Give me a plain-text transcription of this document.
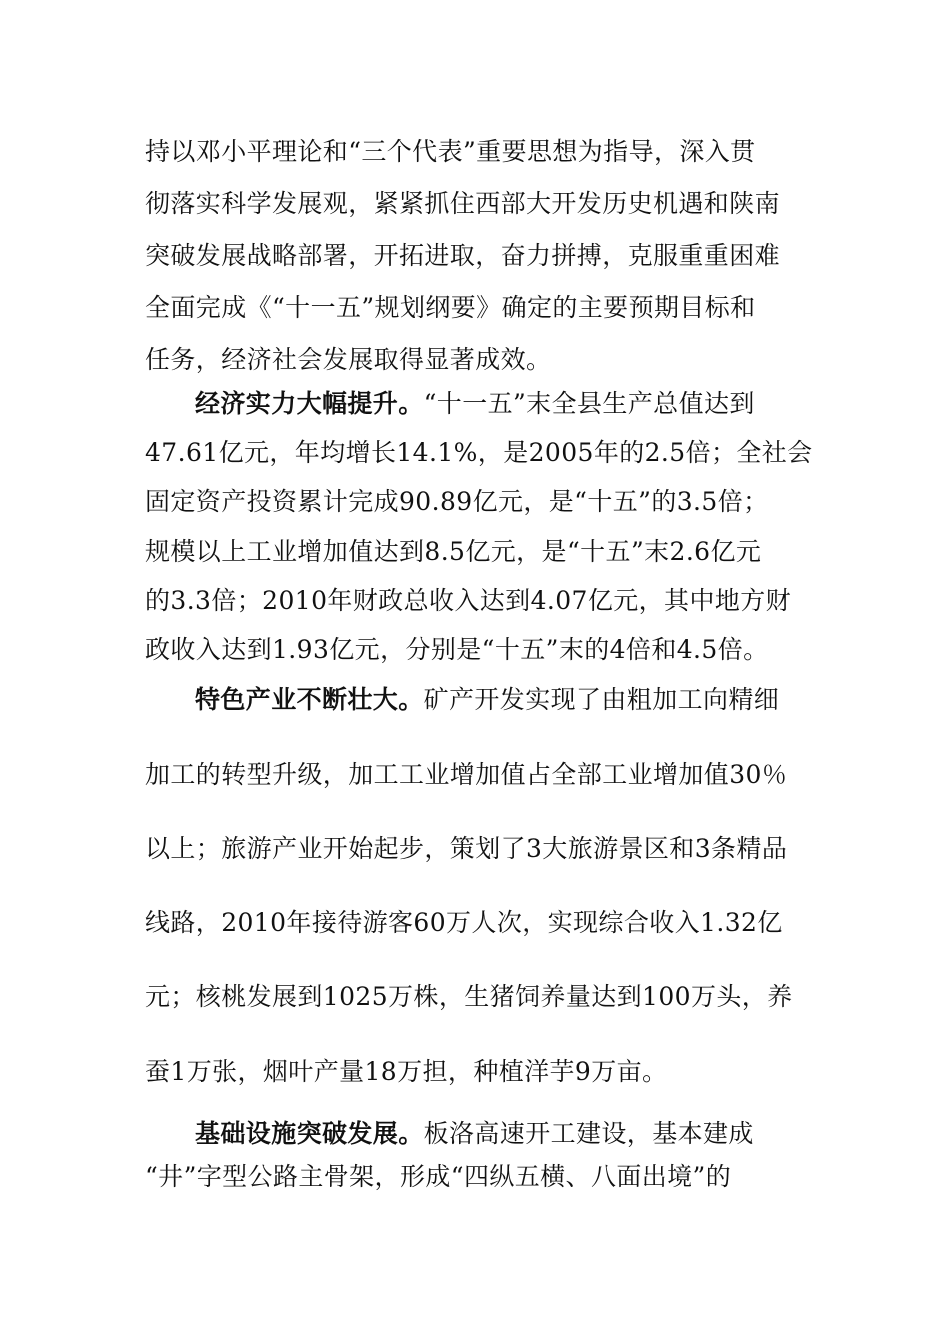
持以邓小平理论和“三个代表”重要思想为指导，深入贯
彻落实科学发展观，紧紧抓住西部大开发历史机遇和陕南
突破发展战略部署，开拓进取，奋力拼搏，克服重重困难
全面完成《“十一五”规划纲要》确定的主要预期目标和
任务，经济社会发展取得显著成效。
经济实力大幅提升。“十一五”末全县生产总值达到
47.61亿元，年均增长14.1%，是2005年的2.5倍；全社会
固定资产投资累计完成90.89亿元，是“十五”的3.5倍；
规模以上工业增加值达到8.5亿元，是“十五”末2.6亿元
的3.3倍；2010年财政总收入达到4.07亿元，其中地方财
政收入达到1.93亿元，分别是“十五”末的4倍和4.5倍。
特色产业不断壮大。矿产开发实现了由粗加工向精细
加工的转型升级，加工工业增加值占全部工业增加值30％
以上；旅游产业开始起步，策划了3大旅游景区和3条精品
线路，2010年接待游客60万人次，实现综合收入1.32亿
元；核桃发展到1025万株，生猪饲养量达到100万头，养
蚕1万张，烟叶产量18万担，种植洋芋9万亩。
基础设施突破发展。板洛高速开工建设，基本建成
“井”字型公路主骨架，形成“四纵五横、八面出境”的
